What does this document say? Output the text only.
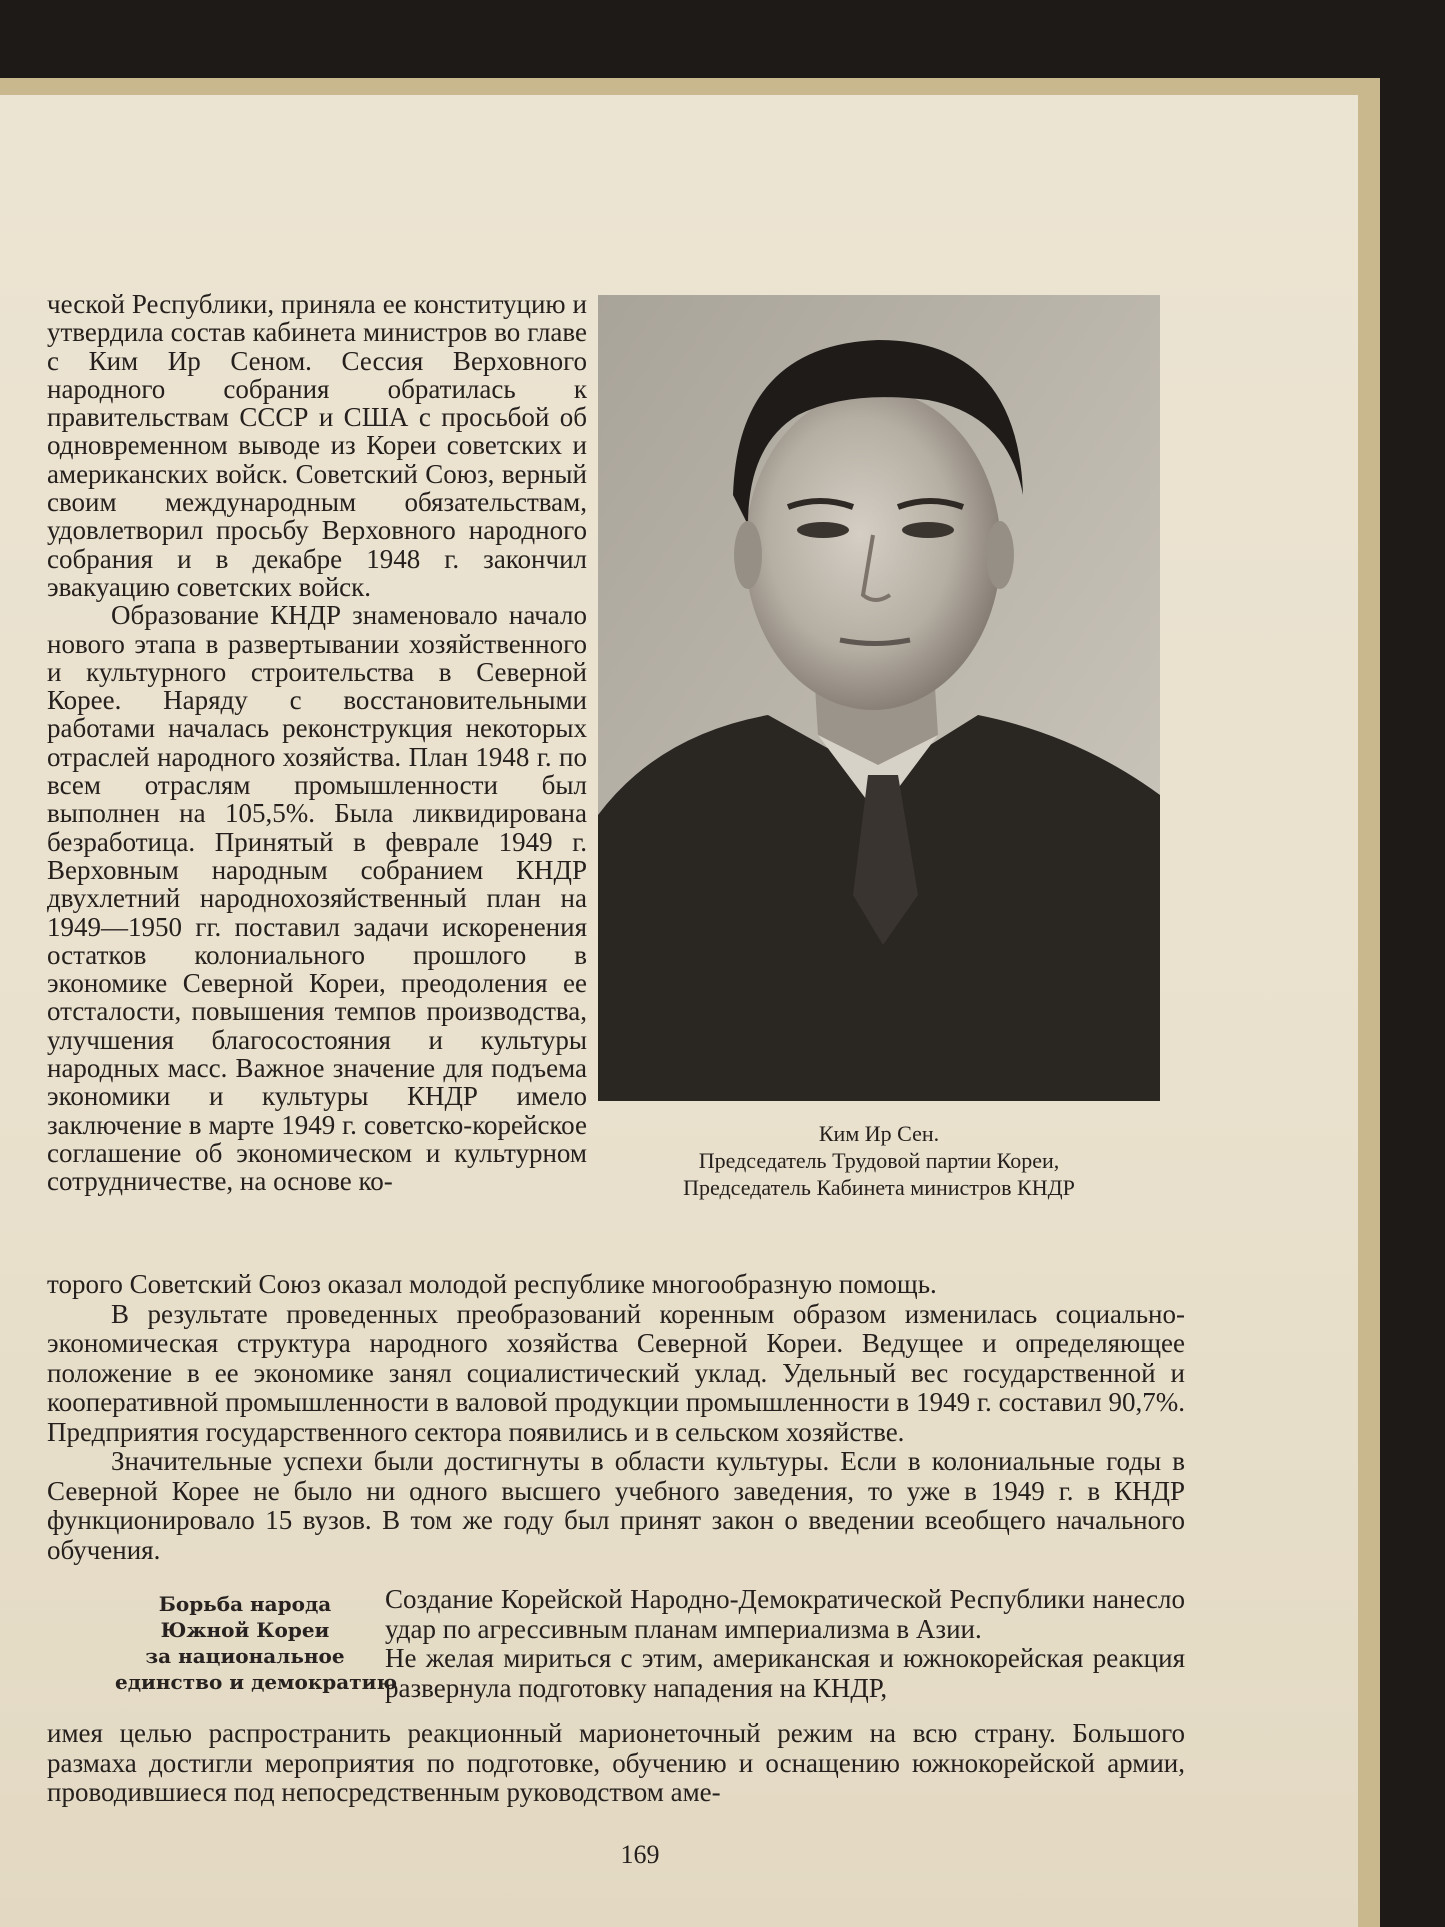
ческой Республики, приняла ее конституцию и утвердила состав кабинета министров во главе с Ким Ир Сеном. Сессия Верховного народного собрания обратилась к правительствам СССР и США с просьбой об одновременном выводе из Кореи советских и американских войск. Советский Союз, верный своим международным обязательствам, удовлетворил просьбу Верховного народного собрания и в декабре 1948 г. закончил эвакуацию советских войск.

Образование КНДР знаменовало начало нового этапа в развертывании хозяйственного и культурного строительства в Северной Корее. Наряду с восстановительными работами началась реконструкция некоторых отраслей народного хозяйства. План 1948 г. по всем отраслям промышленности был выполнен на 105,5%. Была ликвидирована безработица. Принятый в феврале 1949 г. Верховным народным собранием КНДР двухлетний народнохозяйственный план на 1949—1950 гг. поставил задачи искоренения остатков колониального прошлого в экономике Северной Кореи, преодоления ее отсталости, повышения темпов производства, улучшения благосостояния и культуры народных масс. Важное значение для подъема экономики и культуры КНДР имело заключение в марте 1949 г. советско-корейское соглашение об экономическом и культурном сотрудничестве, на основе ко-

Ким Ир Сен.
Председатель Трудовой партии Кореи,
Председатель Кабинета министров КНДР

торого Советский Союз оказал молодой республике многообразную помощь.

В результате проведенных преобразований коренным образом изменилась социально-экономическая структура народного хозяйства Северной Кореи. Ведущее и определяющее положение в ее экономике занял социалистический уклад. Удельный вес государственной и кооперативной промышленности в валовой продукции промышленности в 1949 г. составил 90,7%. Предприятия государственного сектора появились и в сельском хозяйстве.

Значительные успехи были достигнуты в области культуры. Если в колониальные годы в Северной Корее не было ни одного высшего учебного заведения, то уже в 1949 г. в КНДР функционировало 15 вузов. В том же году был принят закон о введении всеобщего начального обучения.

Борьба народа
Южной Кореи
за национальное
единство и демократию

Создание Корейской Народно-Демократической Республики нанесло удар по агрессивным планам империализма в Азии.

Не желая мириться с этим, американская и южнокорейская реакция развернула подготовку нападения на КНДР,

имея целью распространить реакционный марионеточный режим на всю страну. Большого размаха достигли мероприятия по подготовке, обучению и оснащению южнокорейской армии, проводившиеся под непосредственным руководством аме-

169
